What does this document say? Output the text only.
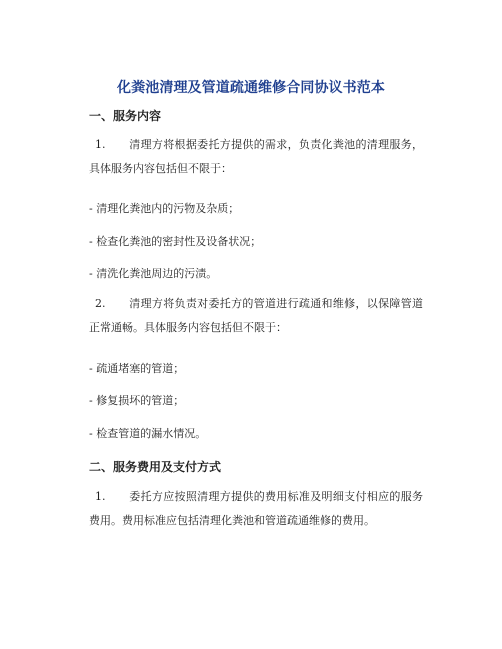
化粪池清理及管道疏通维修合同协议书范本
一、服务内容
1. 清理方将根据委托方提供的需求，负责化粪池的清理服务，具体服务内容包括但不限于：
- 清理化粪池内的污物及杂质；
- 检查化粪池的密封性及设备状况；
- 清洗化粪池周边的污渍。
2. 清理方将负责对委托方的管道进行疏通和维修，以保障管道正常通畅。具体服务内容包括但不限于：
- 疏通堵塞的管道；
- 修复损坏的管道；
- 检查管道的漏水情况。
二、服务费用及支付方式
1. 委托方应按照清理方提供的费用标准及明细支付相应的服务费用。费用标准应包括清理化粪池和管道疏通维修的费用。
